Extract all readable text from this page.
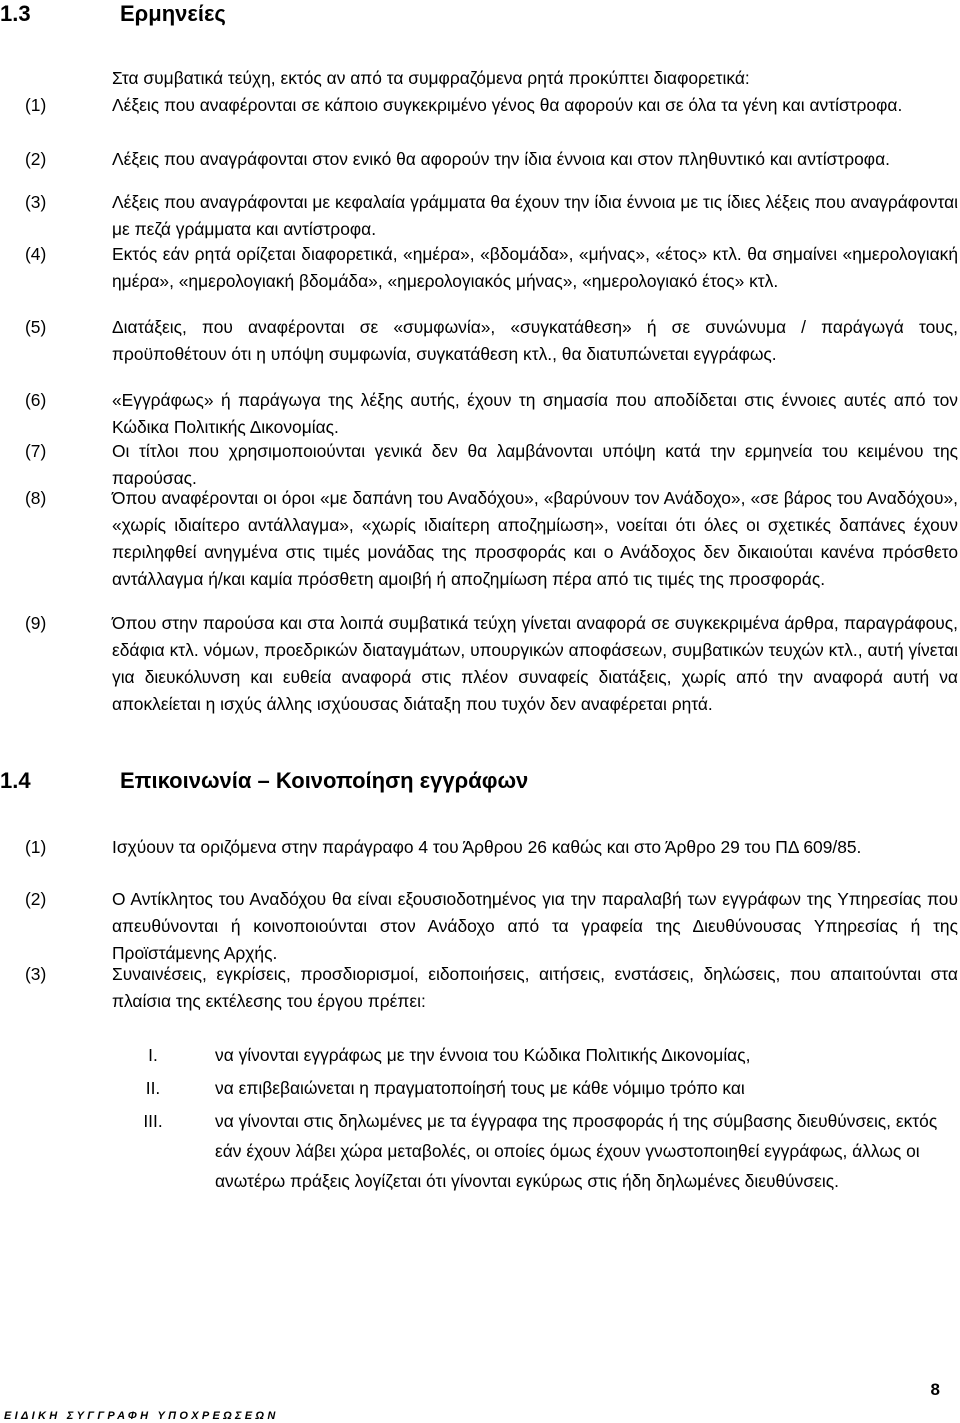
1.3	Ερμηνείες
Στα συμβατικά τεύχη, εκτός αν από τα συμφραζόμενα ρητά προκύπτει διαφορετικά:
(1)	Λέξεις που αναφέρονται σε κάποιο συγκεκριμένο γένος θα αφορούν και σε όλα τα γένη και αντίστροφα.
(2)	Λέξεις που αναγράφονται στον ενικό θα αφορούν την ίδια έννοια και στον πληθυντικό και αντίστροφα.
(3)	Λέξεις που αναγράφονται με κεφαλαία γράμματα θα έχουν την ίδια έννοια με τις ίδιες λέξεις που αναγράφονται με πεζά γράμματα και αντίστροφα.
(4)	Εκτός εάν ρητά ορίζεται διαφορετικά, «ημέρα», «βδομάδα», «μήνας», «έτος» κτλ. θα σημαίνει «ημερολογιακή ημέρα», «ημερολογιακή βδομάδα», «ημερολογιακός μήνας», «ημερολογιακό έτος» κτλ.
(5)	Διατάξεις, που αναφέρονται σε «συμφωνία», «συγκατάθεση» ή σε συνώνυμα / παράγωγά τους, προϋποθέτουν ότι η υπόψη συμφωνία, συγκατάθεση κτλ., θα διατυπώνεται εγγράφως.
(6)	«Εγγράφως» ή παράγωγα της λέξης αυτής, έχουν τη σημασία που αποδίδεται στις έννοιες αυτές από τον Κώδικα Πολιτικής Δικονομίας.
(7)	Οι τίτλοι που χρησιμοποιούνται γενικά δεν θα λαμβάνονται υπόψη κατά την ερμηνεία του κειμένου της παρούσας.
(8)	Όπου αναφέρονται οι όροι «με δαπάνη του Αναδόχου», «βαρύνουν τον Ανάδοχο», «σε βάρος του Αναδόχου», «χωρίς ιδιαίτερο αντάλλαγμα», «χωρίς ιδιαίτερη αποζημίωση», νοείται ότι όλες οι σχετικές δαπάνες έχουν περιληφθεί ανηγμένα στις τιμές μονάδας της προσφοράς και ο Ανάδοχος δεν δικαιούται κανένα πρόσθετο αντάλλαγμα ή/και καμία πρόσθετη αμοιβή ή αποζημίωση πέρα από τις τιμές της προσφοράς.
(9)	Όπου στην παρούσα και στα λοιπά συμβατικά τεύχη γίνεται αναφορά σε συγκεκριμένα άρθρα, παραγράφους, εδάφια κτλ. νόμων, προεδρικών διαταγμάτων, υπουργικών αποφάσεων, συμβατικών τευχών κτλ., αυτή γίνεται για διευκόλυνση και ευθεία αναφορά στις πλέον συναφείς διατάξεις, χωρίς από την αναφορά αυτή να αποκλείεται η ισχύς άλλης ισχύουσας διάταξη που τυχόν δεν αναφέρεται ρητά.
1.4	Επικοινωνία – Κοινοποίηση εγγράφων
(1)	Ισχύουν τα οριζόμενα στην παράγραφο 4 του Άρθρου 26 καθώς και στο Άρθρο 29 του ΠΔ 609/85.
(2)	Ο Αντίκλητος του Αναδόχου θα είναι εξουσιοδοτημένος για την παραλαβή των εγγράφων της Υπηρεσίας που απευθύνονται ή κοινοποιούνται στον Ανάδοχο από τα γραφεία της Διευθύνουσας Υπηρεσίας ή της Προϊστάμενης Αρχής.
(3)	Συναινέσεις, εγκρίσεις, προσδιορισμοί, ειδοποιήσεις, αιτήσεις, ενστάσεις, δηλώσεις, που απαιτούνται στα πλαίσια της εκτέλεσης του έργου πρέπει:
I.	να γίνονται εγγράφως με την έννοια του Κώδικα Πολιτικής Δικονομίας,
II.	να επιβεβαιώνεται η πραγματοποίησή τους με κάθε νόμιμο τρόπο και
III.	να γίνονται στις δηλωμένες με τα έγγραφα της προσφοράς ή της σύμβασης διευθύνσεις, εκτός εάν έχουν λάβει χώρα μεταβολές, οι οποίες όμως έχουν γνωστοποιηθεί εγγράφως, άλλως οι ανωτέρω πράξεις λογίζεται ότι γίνονται εγκύρως στις ήδη δηλωμένες διευθύνσεις.
8
ΕΙΔΙΚΗ ΣΥΓΓΡΑΦΗ ΥΠΟΧΡΕΩΣΕΩΝ
